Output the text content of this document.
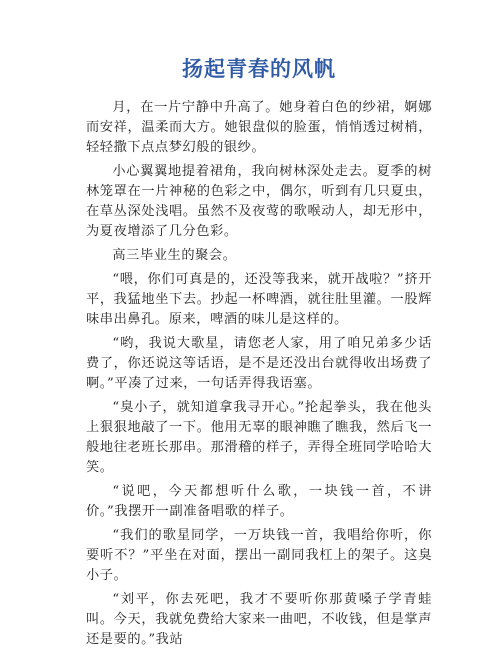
扬起青春的风帆

月，在一片宁静中升高了。她身着白色的纱裙，婀娜而安祥，温柔而大方。她银盘似的脸蛋，悄悄透过树梢，轻轻撒下点点梦幻般的银纱。

小心翼翼地提着裙角，我向树林深处走去。夏季的树林笼罩在一片神秘的色彩之中，偶尔，听到有几只夏虫，在草丛深处浅唱。虽然不及夜莺的歌喉动人，却无形中，为夏夜增添了几分色彩。

高三毕业生的聚会。

“喂，你们可真是的，还没等我来，就开战啦？”挤开平，我猛地坐下去。抄起一杯啤酒，就往肚里灌。一股辉味串出鼻孔。原来，啤酒的味儿是这样的。

“哟，我说大歌星，请您老人家，用了咱兄弟多少话费了，你还说这等话语，是不是还没出台就得收出场费了啊。”平凑了过来，一句话弄得我语塞。

“臭小子，就知道拿我寻开心。”抡起拳头，我在他头上狠狠地敲了一下。他用无辜的眼神瞧了瞧我，然后飞一般地往老班长那串。那滑稽的样子，弄得全班同学哈哈大笑。

“说吧，今天都想听什么歌，一块钱一首，不讲价。”我摆开一副准备唱歌的样子。

“我们的歌星同学，一万块钱一首，我唱给你听，你要听不？”平坐在对面，摆出一副同我杠上的架子。这臭小子。

“刘平，你去死吧，我才不要听你那黄嗓子学青蛙叫。今天，我就免费给大家来一曲吧，不收钱，但是掌声还是要的。”我站
